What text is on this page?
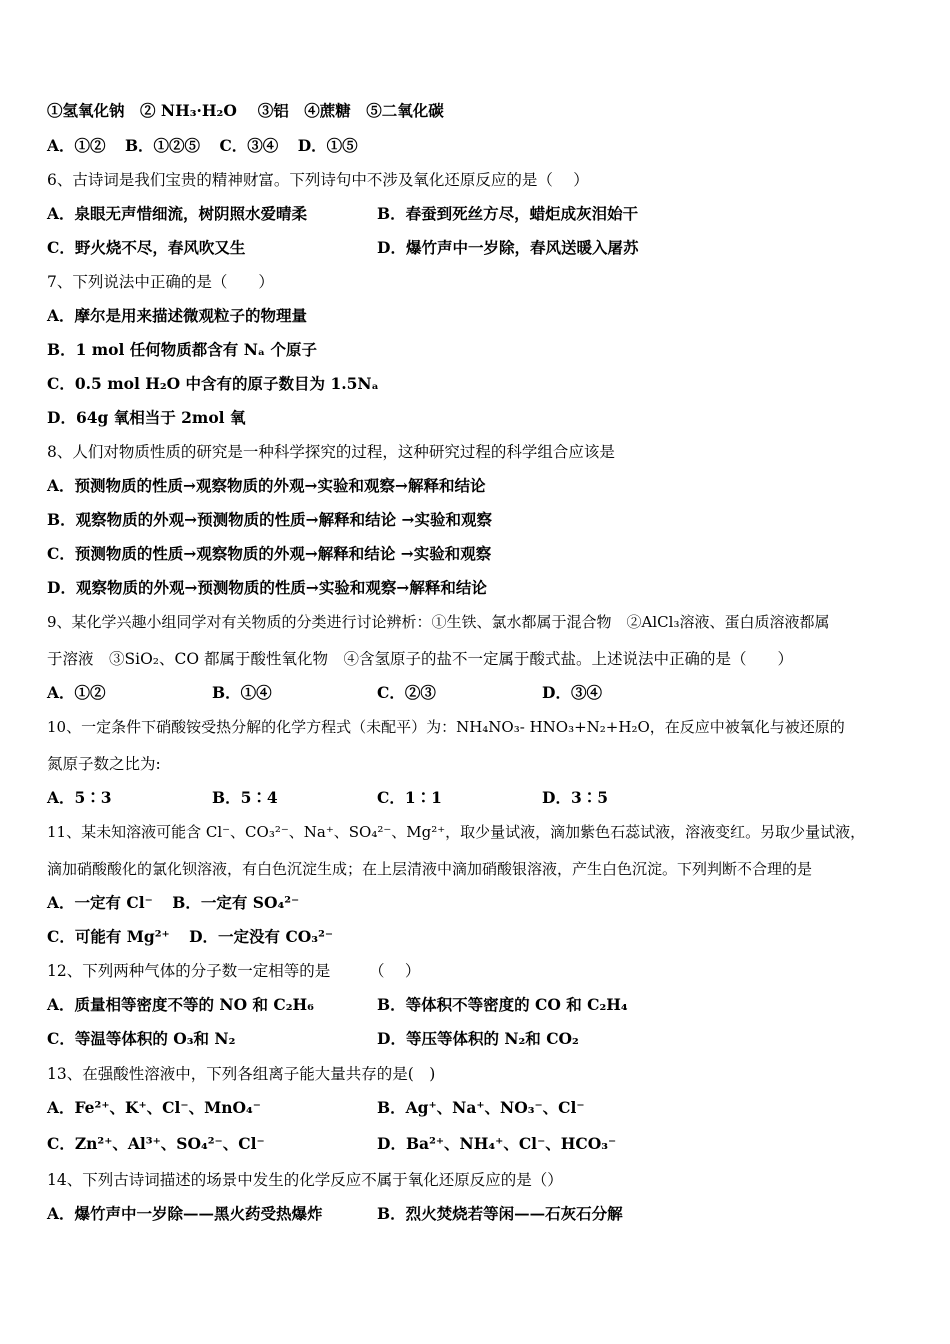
①氢氧化钠　② NH₃·H₂O　 ③铝　④蔗糖　⑤二氧化碳
A．①② B．①②⑤ C．③④ D．①⑤
6、古诗词是我们宝贵的精神财富。下列诗句中不涉及氧化还原反应的是（　 ）
A．泉眼无声惜细流，树阴照水爱晴柔	B．春蚕到死丝方尽，蜡炬成灰泪始干
C．野火烧不尽，春风吹又生	D．爆竹声中一岁除，春风送暖入屠苏
7、下列说法中正确的是（　　）
A．摩尔是用来描述微观粒子的物理量
B．1 mol 任何物质都含有 Nₐ 个原子
C．0.5 mol H₂O 中含有的原子数目为 1.5Nₐ
D．64g 氧相当于 2mol 氧
8、人们对物质性质的研究是一种科学探究的过程，这种研究过程的科学组合应该是
A．预测物质的性质→观察物质的外观→实验和观察→解释和结论
B．观察物质的外观→预测物质的性质→解释和结论 →实验和观察
C．预测物质的性质→观察物质的外观→解释和结论 →实验和观察
D．观察物质的外观→预测物质的性质→实验和观察→解释和结论
9、某化学兴趣小组同学对有关物质的分类进行讨论辨析：①生铁、氯水都属于混合物　②AlCl₃溶液、蛋白质溶液都属
于溶液　③SiO₂、CO 都属于酸性氧化物　④含氢原子的盐不一定属于酸式盐。上述说法中正确的是（　　）
A．①②	B．①④	C．②③	D．③④
10、一定条件下硝酸铵受热分解的化学方程式（未配平）为：NH₄NO₃- HNO₃+N₂+H₂O，在反应中被氧化与被还原的
氮原子数之比为:
A．5∶3	B．5∶4	C．1∶1	D．3∶5
11、某未知溶液可能含 Cl⁻、CO₃²⁻、Na⁺、SO₄²⁻、Mg²⁺，取少量试液，滴加紫色石蕊试液，溶液变红。另取少量试液，
滴加硝酸酸化的氯化钡溶液，有白色沉淀生成；在上层清液中滴加硝酸银溶液，产生白色沉淀。下列判断不合理的是
A．一定有 Cl⁻ B．一定有 SO₄²⁻
C．可能有 Mg²⁺ D．一定没有 CO₃²⁻
12、下列两种气体的分子数一定相等的是　　　（　 ）
A．质量相等密度不等的 NO 和 C₂H₆	B．等体积不等密度的 CO 和 C₂H₄
C．等温等体积的 O₃和 N₂	D．等压等体积的 N₂和 CO₂
13、在强酸性溶液中，下列各组离子能大量共存的是(　)
A．Fe²⁺、K⁺、Cl⁻、MnO₄⁻	B．Ag⁺、Na⁺、NO₃⁻、Cl⁻
C．Zn²⁺、Al³⁺、SO₄²⁻、Cl⁻	D．Ba²⁺、NH₄⁺、Cl⁻、HCO₃⁻
14、下列古诗词描述的场景中发生的化学反应不属于氧化还原反应的是（）
A．爆竹声中一岁除——黑火药受热爆炸	B．烈火焚烧若等闲——石灰石分解
